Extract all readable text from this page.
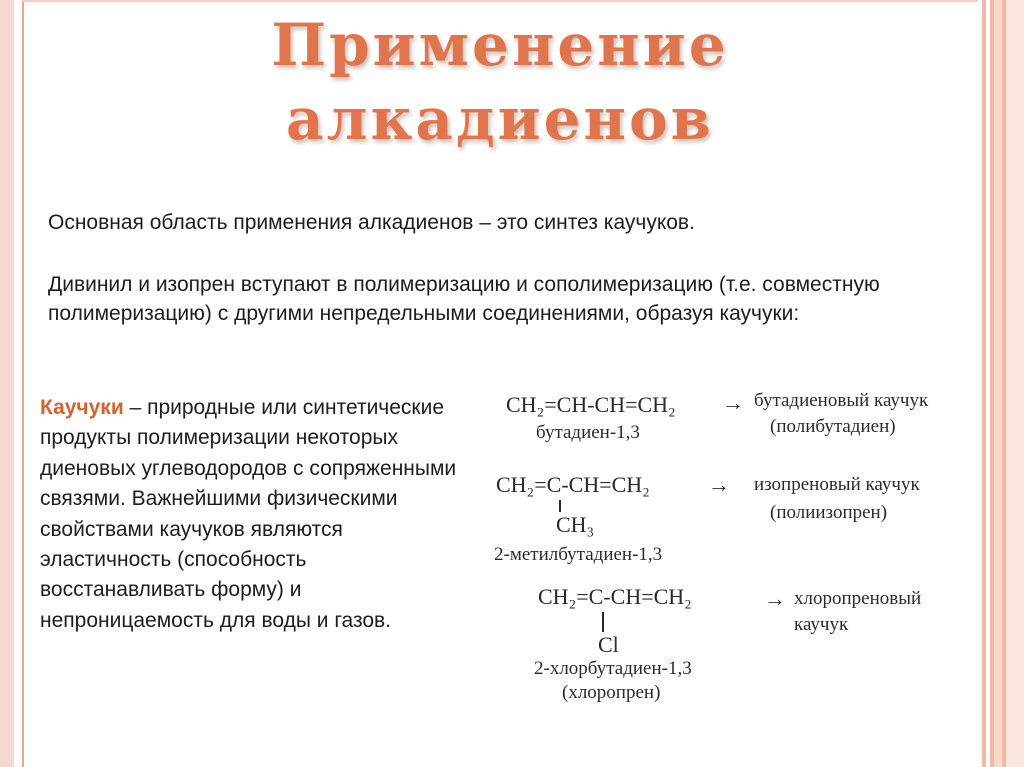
Применение
алкадиенов
Основная область применения алкадиенов – это синтез каучуков.
Дивинил и изопрен вступают в полимеризацию и сополимеризацию (т.е. совместную полимеризацию) с другими непредельными соединениями, образуя каучуки:
Каучуки – природные или синтетические продукты полимеризации некоторых диеновых углеводородов с сопряженными связями. Важнейшими физическими свойствами каучуков являются эластичность (способность восстанавливать форму) и непроницаемость для воды и газов.
CH₂=CH-CH=CH₂
бутадиен-1,3
→ бутадиеновый каучук
(полибутадиен)
CH₂=C-CH=CH₂
CH₃
2-метилбутадиен-1,3
→ изопреновый каучук
(полиизопрен)
CH₂=C-CH=CH₂
Cl
2-хлорбутадиен-1,3
(хлоропрен)
→ хлоропреновый
каучук
